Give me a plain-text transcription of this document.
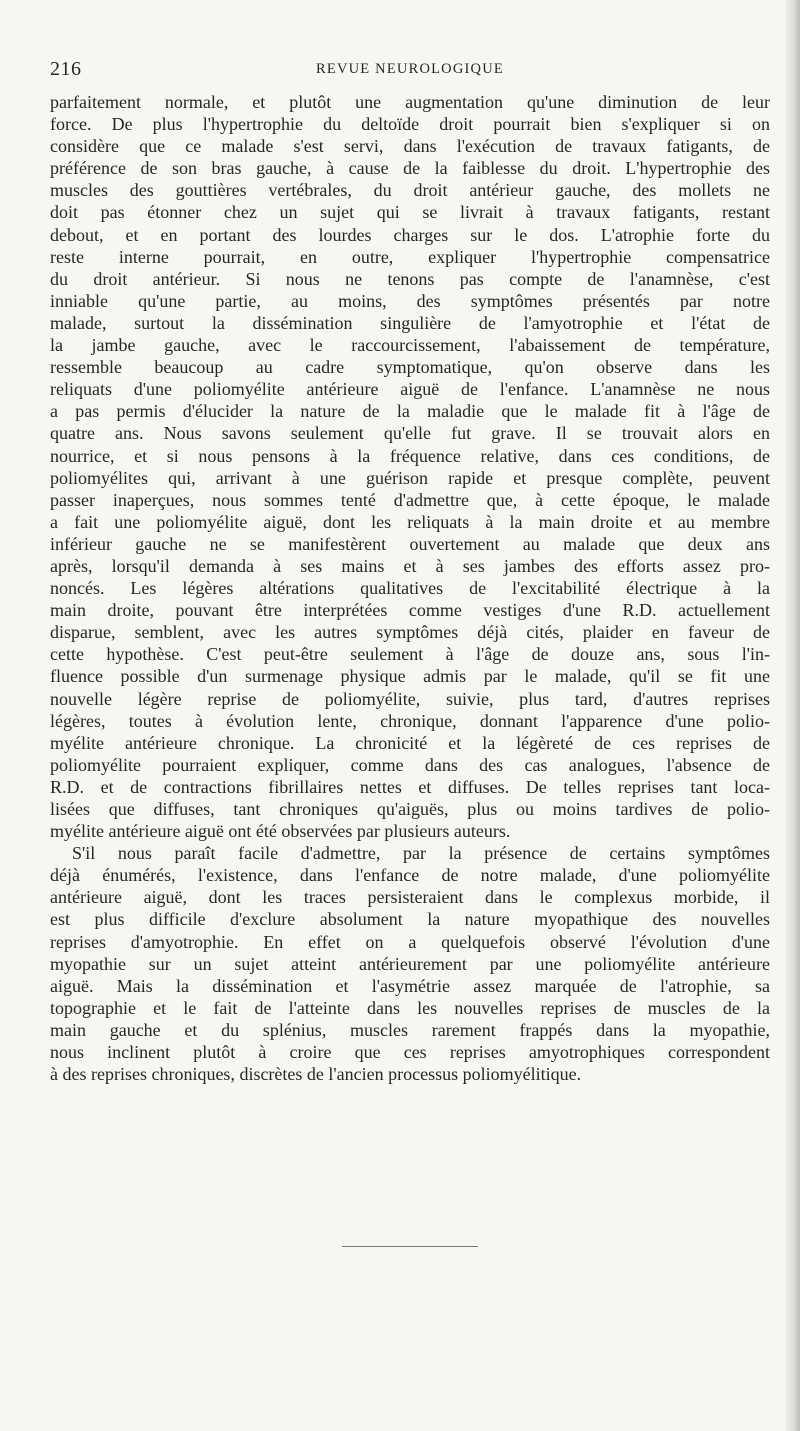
216	REVUE NEUROLOGIQUE
parfaitement normale, et plutôt une augmentation qu'une diminution de leur
force. De plus l'hypertrophie du deltoïde droit pourrait bien s'expliquer si on
considère que ce malade s'est servi, dans l'exécution de travaux fatigants, de
préférence de son bras gauche, à cause de la faiblesse du droit. L'hypertrophie des
muscles des gouttières vertébrales, du droit antérieur gauche, des mollets ne
doit pas étonner chez un sujet qui se livrait à travaux fatigants, restant
debout, et en portant des lourdes charges sur le dos. L'atrophie forte du
reste interne pourrait, en outre, expliquer l'hypertrophie compensatrice
du droit antérieur. Si nous ne tenons pas compte de l'anamnèse, c'est
inniable qu'une partie, au moins, des symptômes présentés par notre
malade, surtout la dissémination singulière de l'amyotrophie et l'état de
la jambe gauche, avec le raccourcissement, l'abaissement de température,
ressemble beaucoup au cadre symptomatique, qu'on observe dans les
reliquats d'une poliomyélite antérieure aiguë de l'enfance. L'anamnèse ne nous
a pas permis d'élucider la nature de la maladie que le malade fit à l'âge de
quatre ans. Nous savons seulement qu'elle fut grave. Il se trouvait alors en
nourrice, et si nous pensons à la fréquence relative, dans ces conditions, de
poliomyélites qui, arrivant à une guérison rapide et presque complète, peuvent
passer inaperçues, nous sommes tenté d'admettre que, à cette époque, le malade
a fait une poliomyélite aiguë, dont les reliquats à la main droite et au membre
inférieur gauche ne se manifestèrent ouvertement au malade que deux ans
après, lorsqu'il demanda à ses mains et à ses jambes des efforts assez pro-
noncés. Les légères altérations qualitatives de l'excitabilité électrique à la
main droite, pouvant être interprétées comme vestiges d'une R.D. actuellement
disparue, semblent, avec les autres symptômes déjà cités, plaider en faveur de
cette hypothèse. C'est peut-être seulement à l'âge de douze ans, sous l'in-
fluence possible d'un surmenage physique admis par le malade, qu'il se fit une
nouvelle légère reprise de poliomyélite, suivie, plus tard, d'autres reprises
légères, toutes à évolution lente, chronique, donnant l'apparence d'une polio-
myélite antérieure chronique. La chronicité et la légèreté de ces reprises de
poliomyélite pourraient expliquer, comme dans des cas analogues, l'absence de
R.D. et de contractions fibrillaires nettes et diffuses. De telles reprises tant loca-
lisées que diffuses, tant chroniques qu'aiguës, plus ou moins tardives de polio-
myélite antérieure aiguë ont été observées par plusieurs auteurs.
S'il nous paraît facile d'admettre, par la présence de certains symptômes
déjà énumérés, l'existence, dans l'enfance de notre malade, d'une poliomyélite
antérieure aiguë, dont les traces persisteraient dans le complexus morbide, il
est plus difficile d'exclure absolument la nature myopathique des nouvelles
reprises d'amyotrophie. En effet on a quelquefois observé l'évolution d'une
myopathie sur un sujet atteint antérieurement par une poliomyélite antérieure
aiguë. Mais la dissémination et l'asymétrie assez marquée de l'atrophie, sa
topographie et le fait de l'atteinte dans les nouvelles reprises de muscles de la
main gauche et du splénius, muscles rarement frappés dans la myopathie,
nous inclinent plutôt à croire que ces reprises amyotrophiques correspondent
à des reprises chroniques, discrètes de l'ancien processus poliomyélitique.
